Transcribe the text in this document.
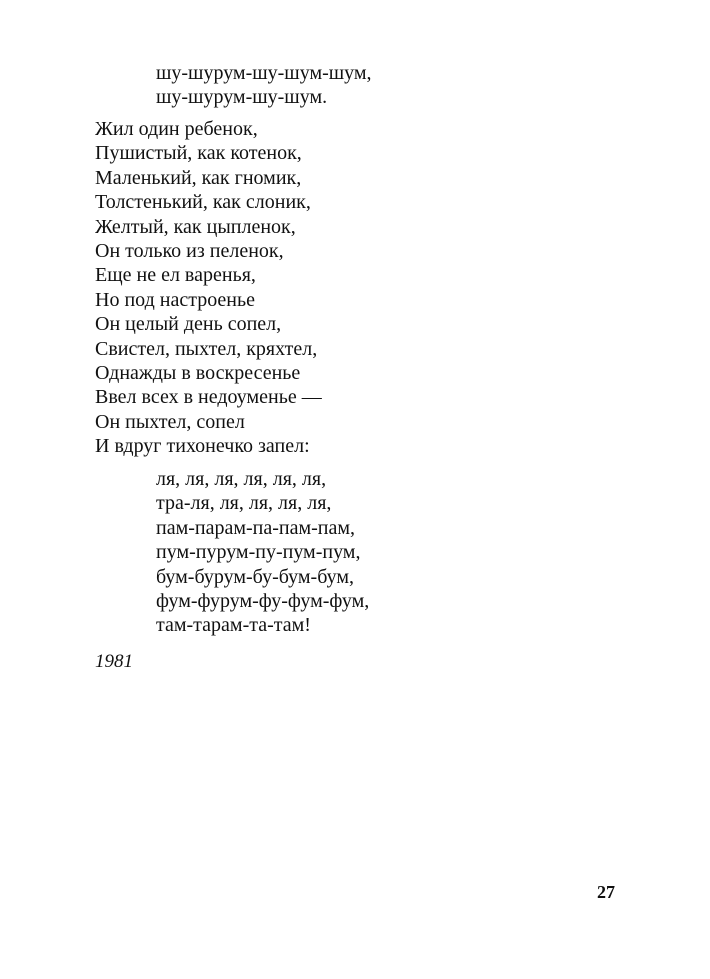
шу-шурум-шу-шум-шум,
шу-шурум-шу-шум.
Жил один ребенок,
Пушистый, как котенок,
Маленький, как гномик,
Толстенький, как слоник,
Желтый, как цыпленок,
Он только из пеленок,
Еще не ел варенья,
Но под настроенье
Он целый день сопел,
Свистел, пыхтел, кряхтел,
Однажды в воскресенье
Ввел всех в недоуменье —
Он пыхтел, сопел
И вдруг тихонечко запел:
ля, ля, ля, ля, ля, ля,
тра-ля, ля, ля, ля, ля,
пам-парам-па-пам-пам,
пум-пурум-пу-пум-пум,
бум-бурум-бу-бум-бум,
фум-фурум-фу-фум-фум,
там-тарам-та-там!
1981
27
